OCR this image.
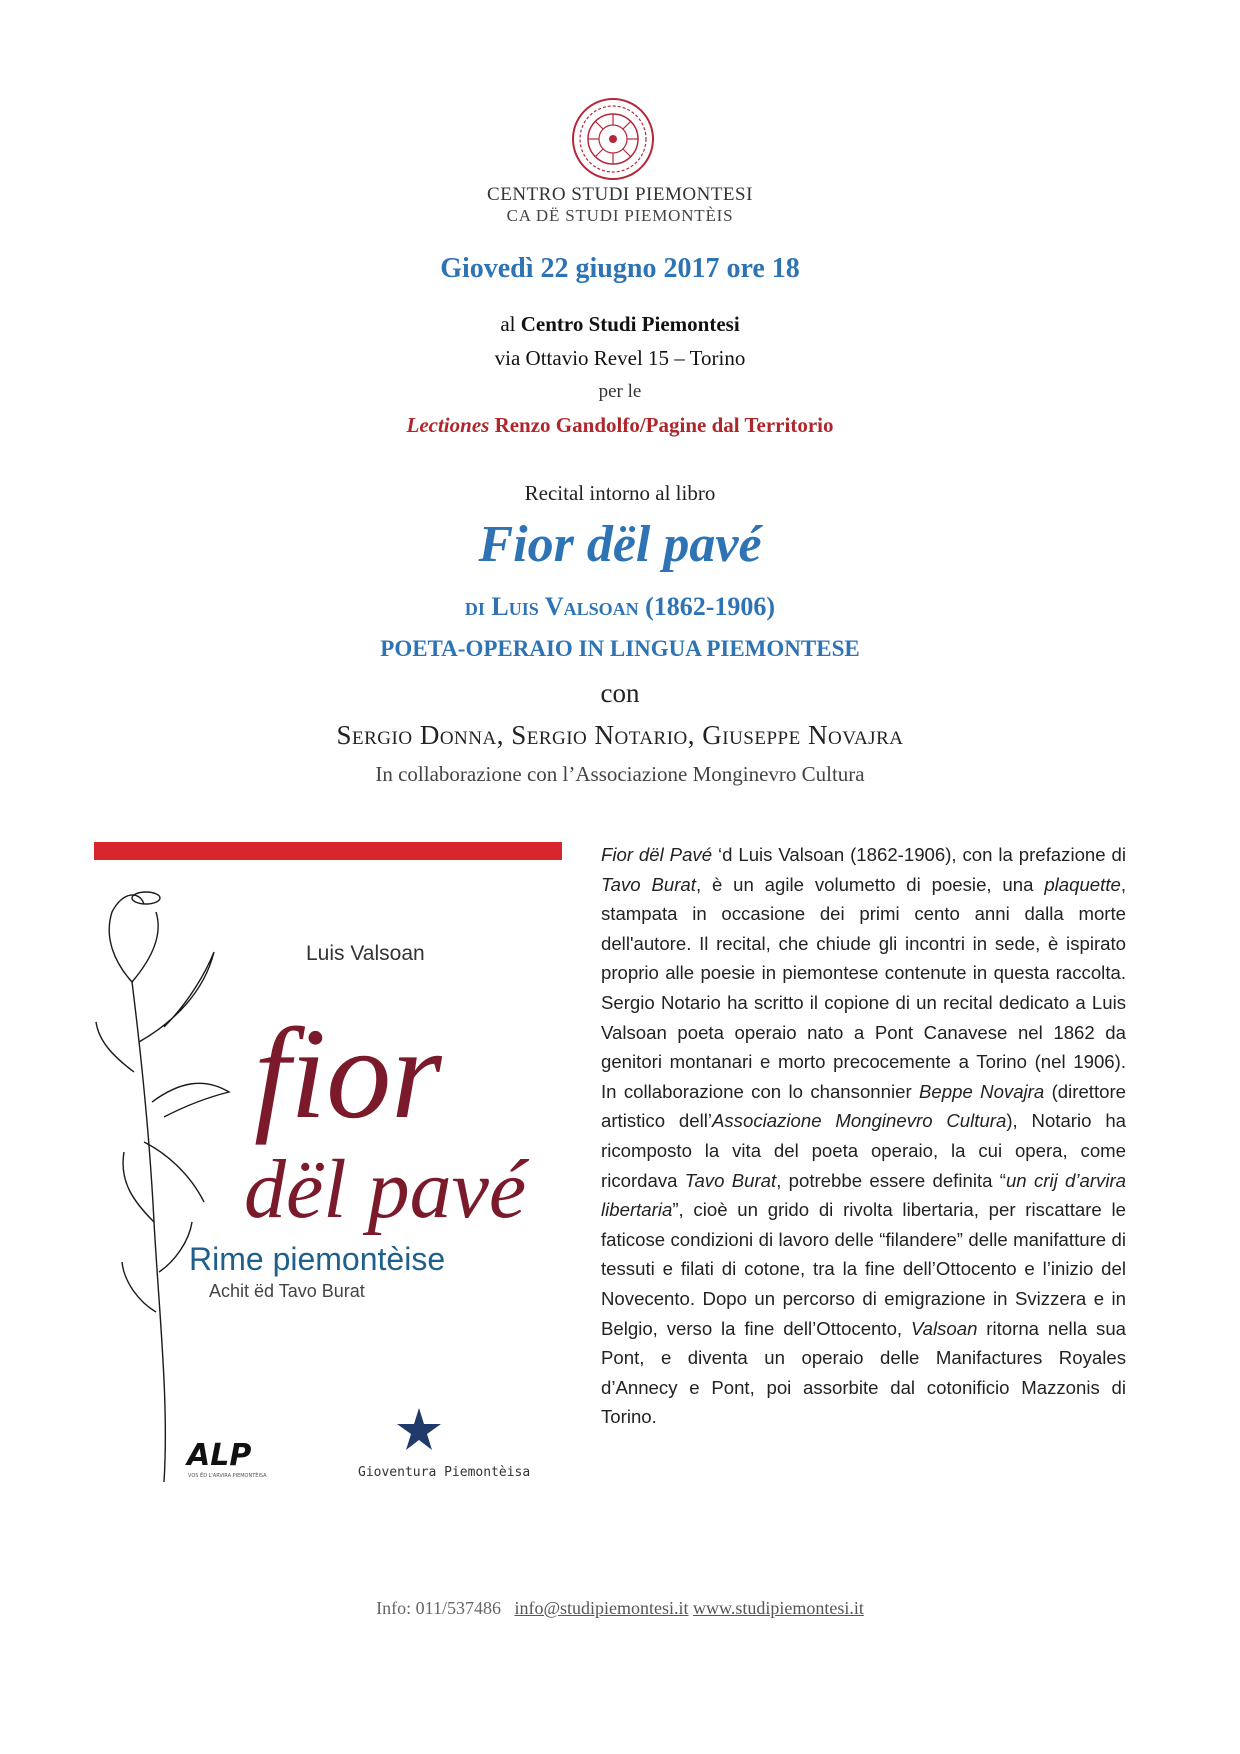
CENTRO STUDI PIEMONTESI
CA DË STUDI PIEMONTÈIS
Giovedì 22 giugno 2017 ore 18
al Centro Studi Piemontesi
via Ottavio Revel 15 – Torino
per le
Lectiones Renzo Gandolfo/Pagine dal Territorio
Recital intorno al libro
Fior dël pavé
di Luis Valsoan (1862-1906)
POETA-OPERAIO IN LINGUA PIEMONTESE
con
Sergio Donna, Sergio Notario, Giuseppe Novajra
In collaborazione con l’Associazione Monginevro Cultura
Luis Valsoan
fior
dël pavé
Rime piemontèise
Achit ëd Tavo Burat
ALP
VOS ËD L'ARVIRA PIEMONTÈISA	Gioventura Piemontèisa

Fior dël Pavé ‘d Luis Valsoan (1862-1906), con la prefazione di Tavo Burat, è un agile volumetto di poesie, una plaquette, stampata in occasione dei primi cento anni dalla morte dell'autore. Il recital, che chiude gli incontri in sede, è ispirato proprio alle poesie in piemontese contenute in questa raccolta. Sergio Notario ha scritto il copione di un recital dedicato a Luis Valsoan poeta operaio nato a Pont Canavese nel 1862 da genitori montanari e morto precocemente a Torino (nel 1906). In collaborazione con lo chansonnier Beppe Novajra (direttore artistico dell’Associazione Monginevro Cultura), Notario ha ricomposto la vita del poeta operaio, la cui opera, come ricordava Tavo Burat, potrebbe essere definita “un crij d’arvira libertaria”, cioè un grido di rivolta libertaria, per riscattare le faticose condizioni di lavoro delle “filandere” delle manifatture di tessuti e filati di cotone, tra la fine dell’Ottocento e l’inizio del Novecento. Dopo un percorso di emigrazione in Svizzera e in Belgio, verso la fine dell’Ottocento, Valsoan ritorna nella sua Pont, e diventa un operaio delle Manifactures Royales d’Annecy e Pont, poi assorbite dal cotonificio Mazzonis di Torino.

Info: 011/537486 info@studipiemontesi.it www.studipiemontesi.it
